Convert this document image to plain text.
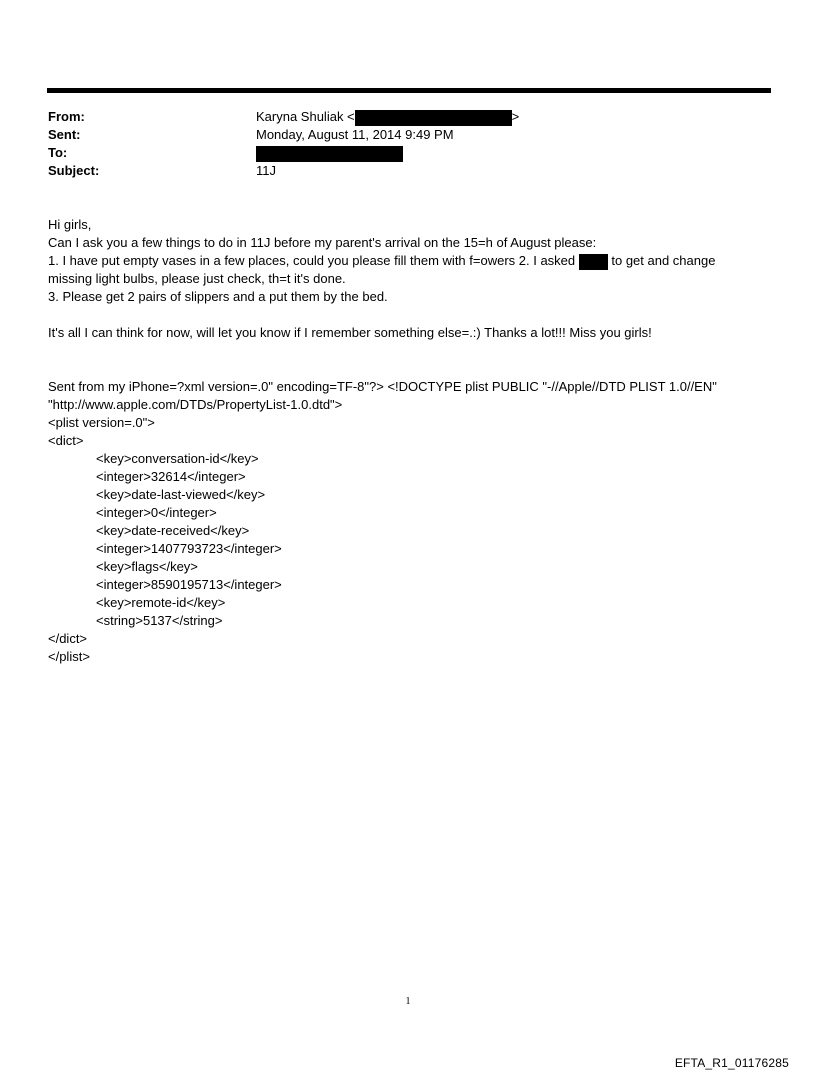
From:	Karyna Shuliak <	>
Sent:	Monday, August 11, 2014 9:49 PM
To:
Subject:	11J
Hi girls,
Can I ask you a few things to do in 11J before my parent's arrival on the 15=h of August please:
1. I have put empty vases in a few places, could you please fill them with f=owers 2. I asked  to get and change
missing light bulbs, please just check, th=t it's done.
3. Please get 2 pairs of slippers and a put them by the bed.
It's all I can think for now, will let you know if I remember something else=.:) Thanks a lot!!! Miss you girls!
Sent from my iPhone=?xml version=.0" encoding=TF-8"?> <!DOCTYPE plist PUBLIC "-//Apple//DTD PLIST 1.0//EN"
"http://www.apple.com/DTDs/PropertyList-1.0.dtd">
<plist version=.0">
<dict>
<key>conversation-id</key>
<integer>32614</integer>
<key>date-last-viewed</key>
<integer>0</integer>
<key>date-received</key>
<integer>1407793723</integer>
<key>flags</key>
<integer>8590195713</integer>
<key>remote-id</key>
<string>5137</string>
</dict>
</plist>
1
EFTA_R1_01176285
